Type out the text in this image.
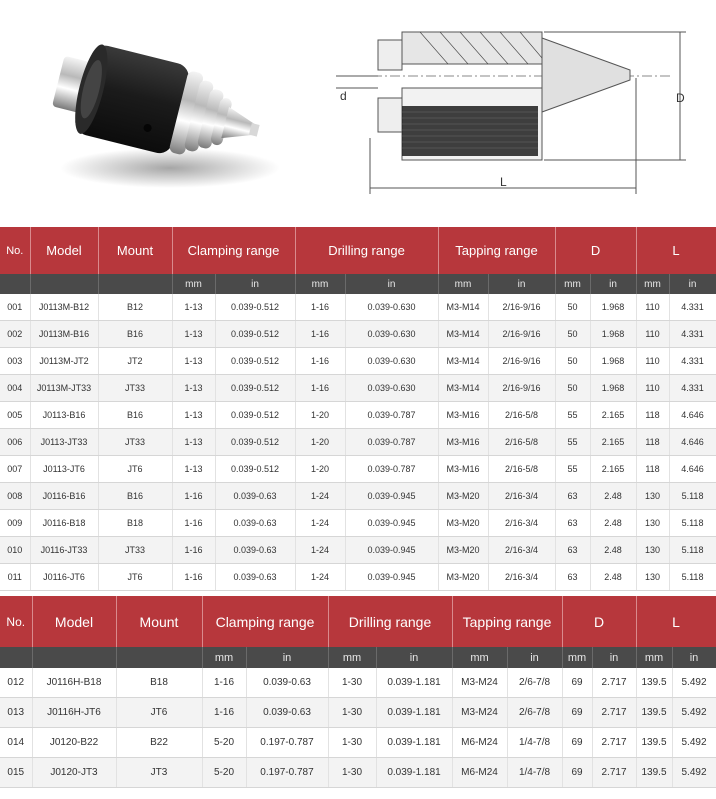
d	D
L
No.	Model	Mount	Clamping range		Drilling range		Tapping range		D		L	
			mm	in	mm	in	mm	in	mm	in	mm	in
001	J0113M-B12	B12	1-13	0.039-0.512	1-16	0.039-0.630	M3-M14	2/16-9/16	50	1.968	110	4.331
002	J0113M-B16	B16	1-13	0.039-0.512	1-16	0.039-0.630	M3-M14	2/16-9/16	50	1.968	110	4.331
003	J0113M-JT2	JT2	1-13	0.039-0.512	1-16	0.039-0.630	M3-M14	2/16-9/16	50	1.968	110	4.331
004	J0113M-JT33	JT33	1-13	0.039-0.512	1-16	0.039-0.630	M3-M14	2/16-9/16	50	1.968	110	4.331
005	J0113-B16	B16	1-13	0.039-0.512	1-20	0.039-0.787	M3-M16	2/16-5/8	55	2.165	118	4.646
006	J0113-JT33	JT33	1-13	0.039-0.512	1-20	0.039-0.787	M3-M16	2/16-5/8	55	2.165	118	4.646
007	J0113-JT6	JT6	1-13	0.039-0.512	1-20	0.039-0.787	M3-M16	2/16-5/8	55	2.165	118	4.646
008	J0116-B16	B16	1-16	0.039-0.63	1-24	0.039-0.945	M3-M20	2/16-3/4	63	2.48	130	5.118
009	J0116-B18	B18	1-16	0.039-0.63	1-24	0.039-0.945	M3-M20	2/16-3/4	63	2.48	130	5.118
010	J0116-JT33	JT33	1-16	0.039-0.63	1-24	0.039-0.945	M3-M20	2/16-3/4	63	2.48	130	5.118
011	J0116-JT6	JT6	1-16	0.039-0.63	1-24	0.039-0.945	M3-M20	2/16-3/4	63	2.48	130	5.118
No.	Model	Mount	Clamping range		Drilling range		Tapping range		D		L	
			mm	in	mm	in	mm	in	mm	in	mm	in
012	J0116H-B18	B18	1-16	0.039-0.63	1-30	0.039-1.181	M3-M24	2/6-7/8	69	2.717	139.5	5.492
013	J0116H-JT6	JT6	1-16	0.039-0.63	1-30	0.039-1.181	M3-M24	2/6-7/8	69	2.717	139.5	5.492
014	J0120-B22	B22	5-20	0.197-0.787	1-30	0.039-1.181	M6-M24	1/4-7/8	69	2.717	139.5	5.492
015	J0120-JT3	JT3	5-20	0.197-0.787	1-30	0.039-1.181	M6-M24	1/4-7/8	69	2.717	139.5	5.492
